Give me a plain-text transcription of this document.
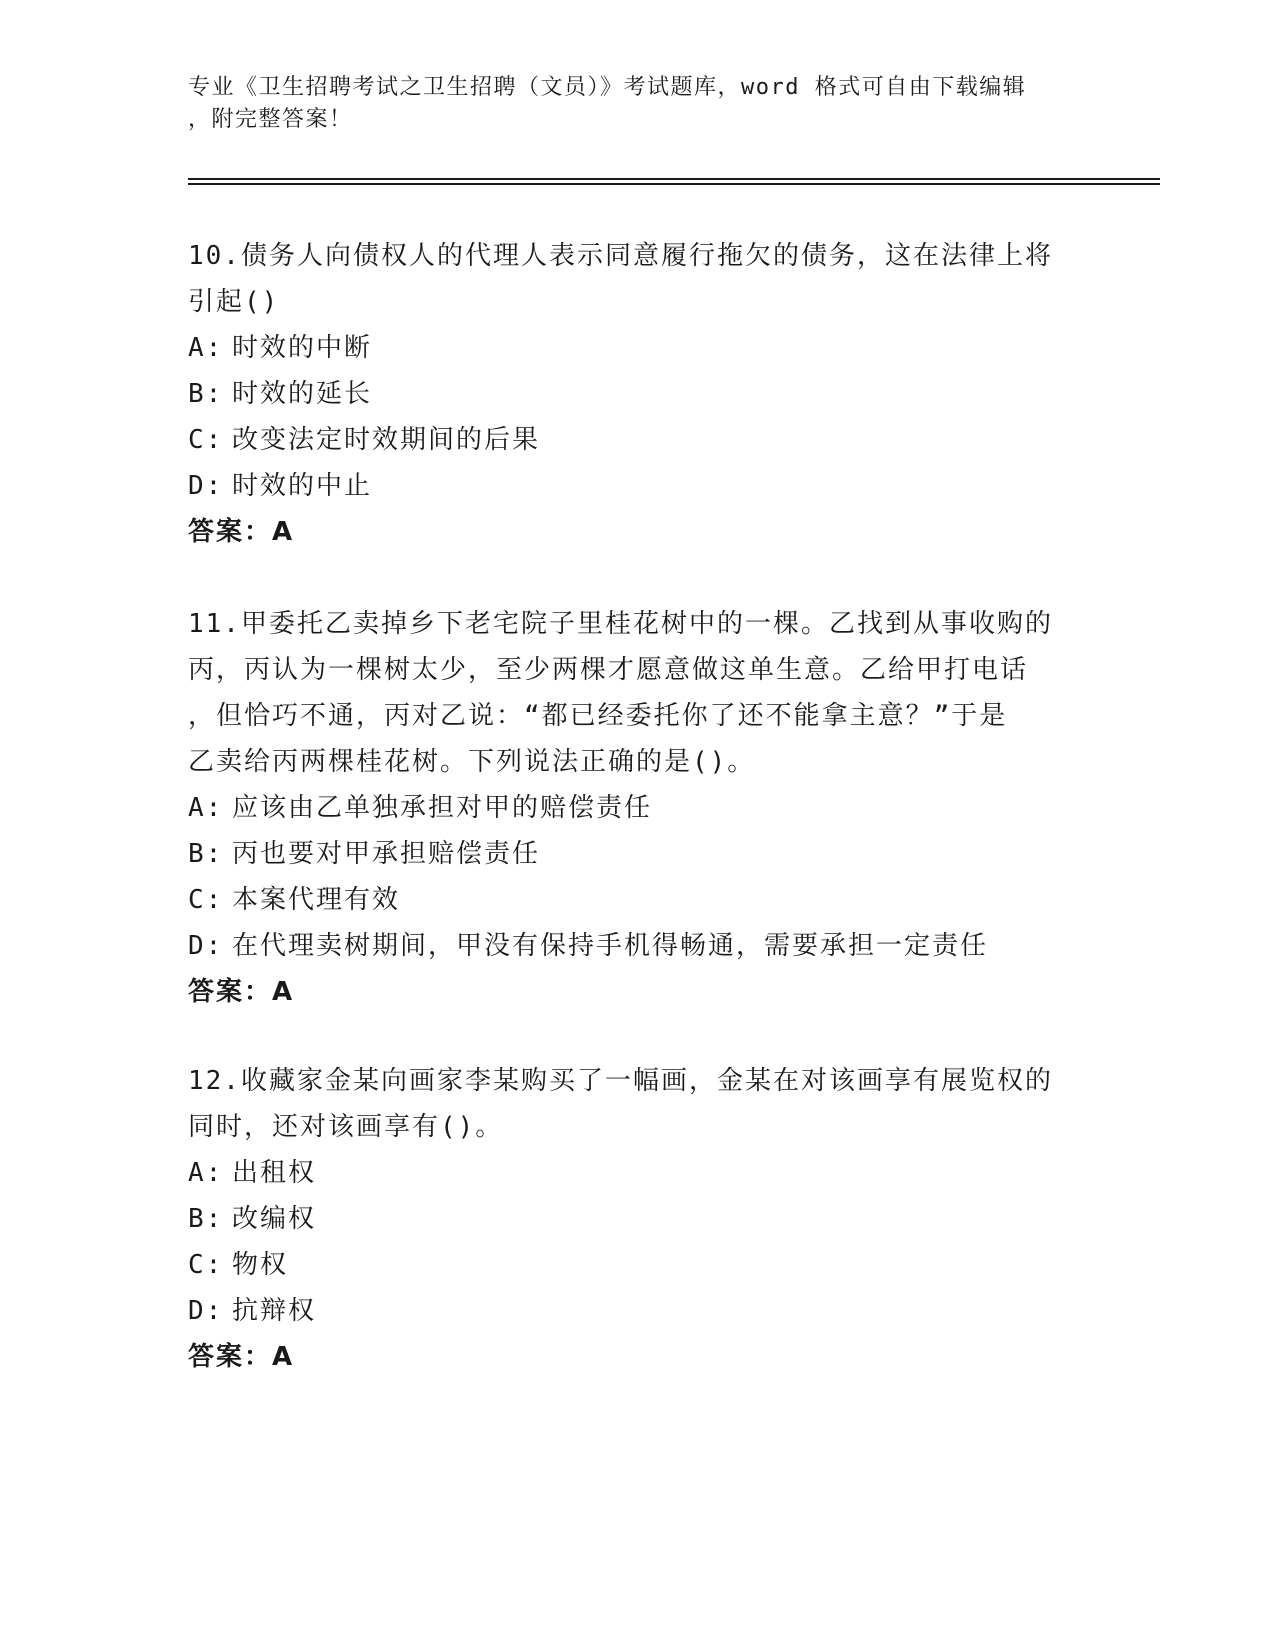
专业《卫生招聘考试之卫生招聘（文员）》考试题库，word 格式可自由下载编辑
，附完整答案！

10.债务人向债权人的代理人表示同意履行拖欠的债务，这在法律上将

引起()

A: 时效的中断

B: 时效的延长

C: 改变法定时效期间的后果

D: 时效的中止

答案：A

11.甲委托乙卖掉乡下老宅院子里桂花树中的一棵。乙找到从事收购的

丙，丙认为一棵树太少，至少两棵才愿意做这单生意。乙给甲打电话

，但恰巧不通，丙对乙说：“都已经委托你了还不能拿主意？”于是

乙卖给丙两棵桂花树。下列说法正确的是()。

A: 应该由乙单独承担对甲的赔偿责任

B: 丙也要对甲承担赔偿责任

C: 本案代理有效

D: 在代理卖树期间，甲没有保持手机得畅通，需要承担一定责任

答案：A

12.收藏家金某向画家李某购买了一幅画，金某在对该画享有展览权的

同时，还对该画享有()。

A: 出租权

B: 改编权

C: 物权

D: 抗辩权

答案：A
